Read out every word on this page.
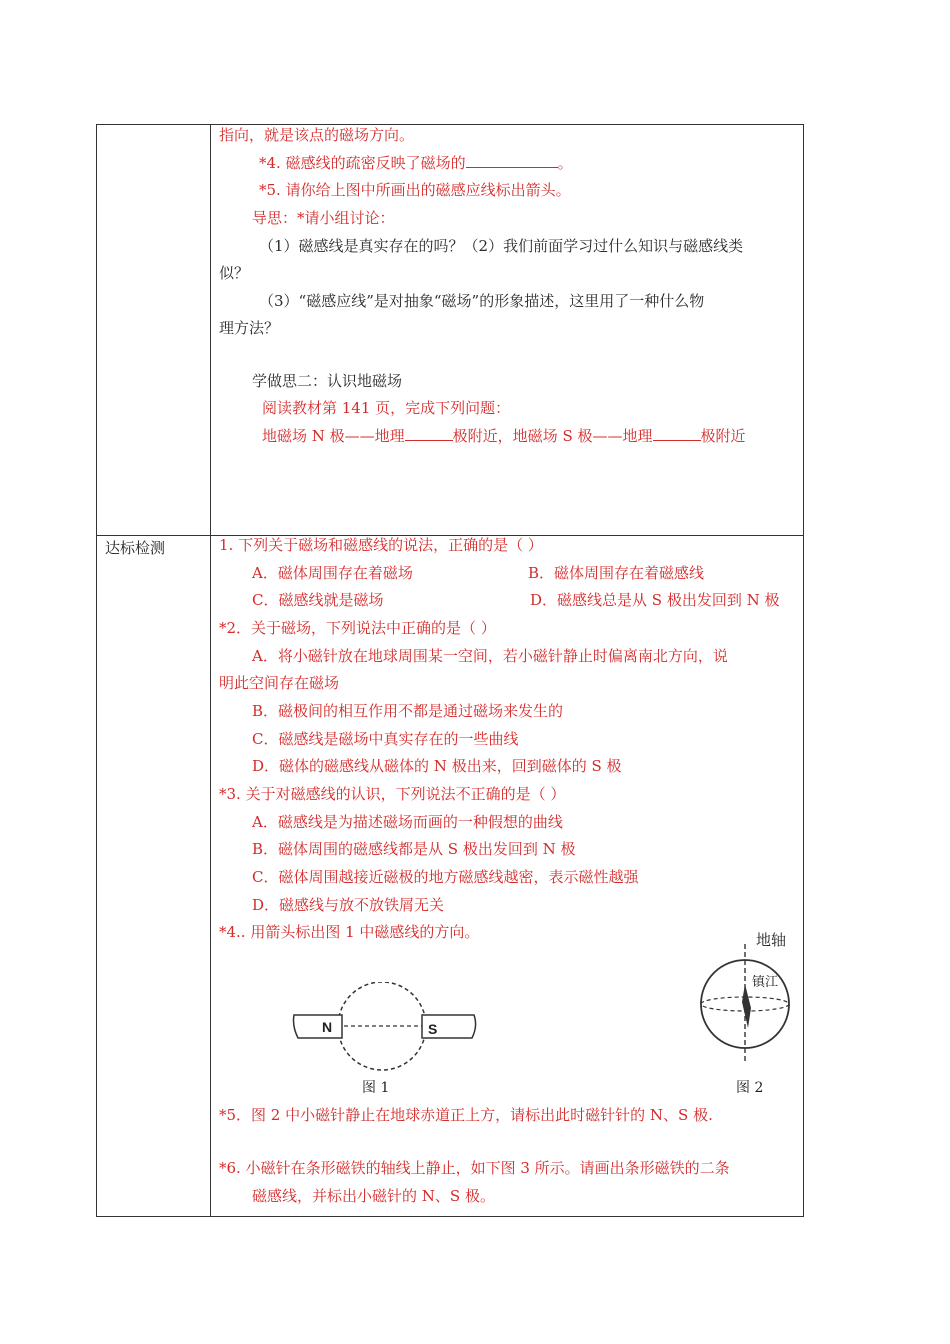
达标检测
指向，就是该点的磁场方向。
*4. 磁感线的疏密反映了磁场的	。
*5. 请你给上图中所画出的磁感应线标出箭头。
导思：*请小组讨论：
（1）磁感线是真实存在的吗？（2）我们前面学习过什么知识与磁感线类
似？
（3）“磁感应线”是对抽象“磁场”的形象描述，这里用了一种什么物
理方法？
学做思二：认识地磁场
阅读教材第 141 页，完成下列问题：
地磁场 N 极——地理	极附近，地磁场 S 极——地理	极附近
1. 下列关于磁场和磁感线的说法，正确的是（ ）
A．磁体周围存在着磁场	B．磁体周围存在着磁感线
C．磁感线就是磁场	D．磁感线总是从 S 极出发回到 N 极
*2．关于磁场，下列说法中正确的是（ ）
A．将小磁针放在地球周围某一空间，若小磁针静止时偏离南北方向，说
明此空间存在磁场
B．磁极间的相互作用不都是通过磁场来发生的
C．磁感线是磁场中真实存在的一些曲线
D．磁体的磁感线从磁体的 N 极出来，回到磁体的 S 极
*3. 关于对磁感线的认识，下列说法不正确的是（ ）
A．磁感线是为描述磁场而画的一种假想的曲线
B．磁体周围的磁感线都是从 S 极出发回到 N 极
C．磁体周围越接近磁极的地方磁感线越密，表示磁性越强
D．磁感线与放不放铁屑无关
*4.. 用箭头标出图 1 中磁感线的方向。
N	S
图 1
地轴
镇江
图 2
*5．图 2 中小磁针静止在地球赤道正上方，请标出此时磁针针的 N、S 极.
*6. 小磁针在条形磁铁的轴线上静止，如下图 3 所示。请画出条形磁铁的二条
磁感线，并标出小磁针的 N、S 极。
